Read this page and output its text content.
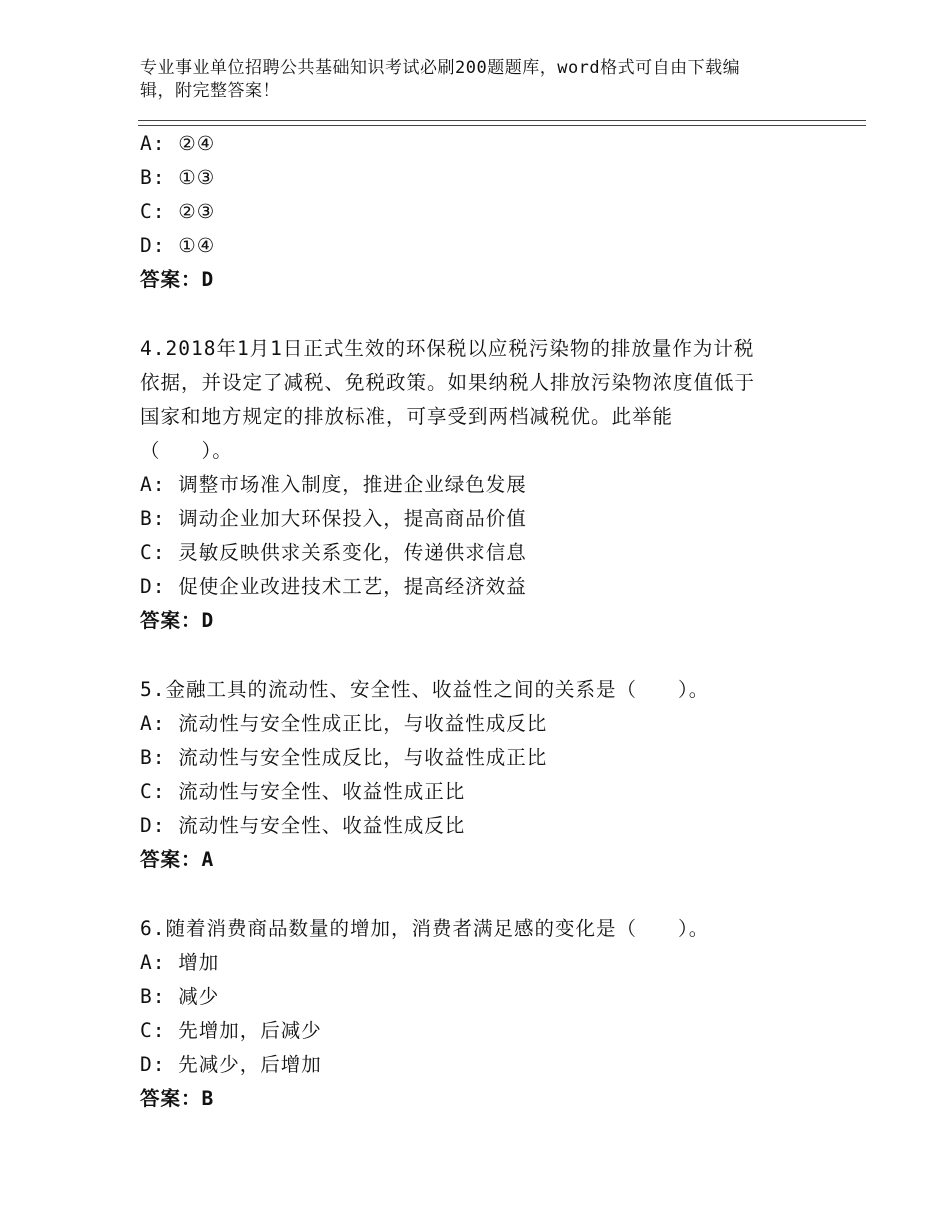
专业事业单位招聘公共基础知识考试必刷200题题库，word格式可自由下载编
辑，附完整答案！
A: ②④
B: ①③
C: ②③
D: ①④
答案：D
4.2018年1月1日正式生效的环保税以应税污染物的排放量作为计税
依据，并设定了减税、免税政策。如果纳税人排放污染物浓度值低于
国家和地方规定的排放标准，可享受到两档减税优。此举能
（　　）。
A: 调整市场准入制度，推进企业绿色发展
B: 调动企业加大环保投入，提高商品价值
C: 灵敏反映供求关系变化，传递供求信息
D: 促使企业改进技术工艺，提高经济效益
答案：D
5.金融工具的流动性、安全性、收益性之间的关系是（　　）。
A: 流动性与安全性成正比，与收益性成反比
B: 流动性与安全性成反比，与收益性成正比
C: 流动性与安全性、收益性成正比
D: 流动性与安全性、收益性成反比
答案：A
6.随着消费商品数量的增加，消费者满足感的变化是（　　）。
A: 增加
B: 减少
C: 先增加，后减少
D: 先减少，后增加
答案：B
